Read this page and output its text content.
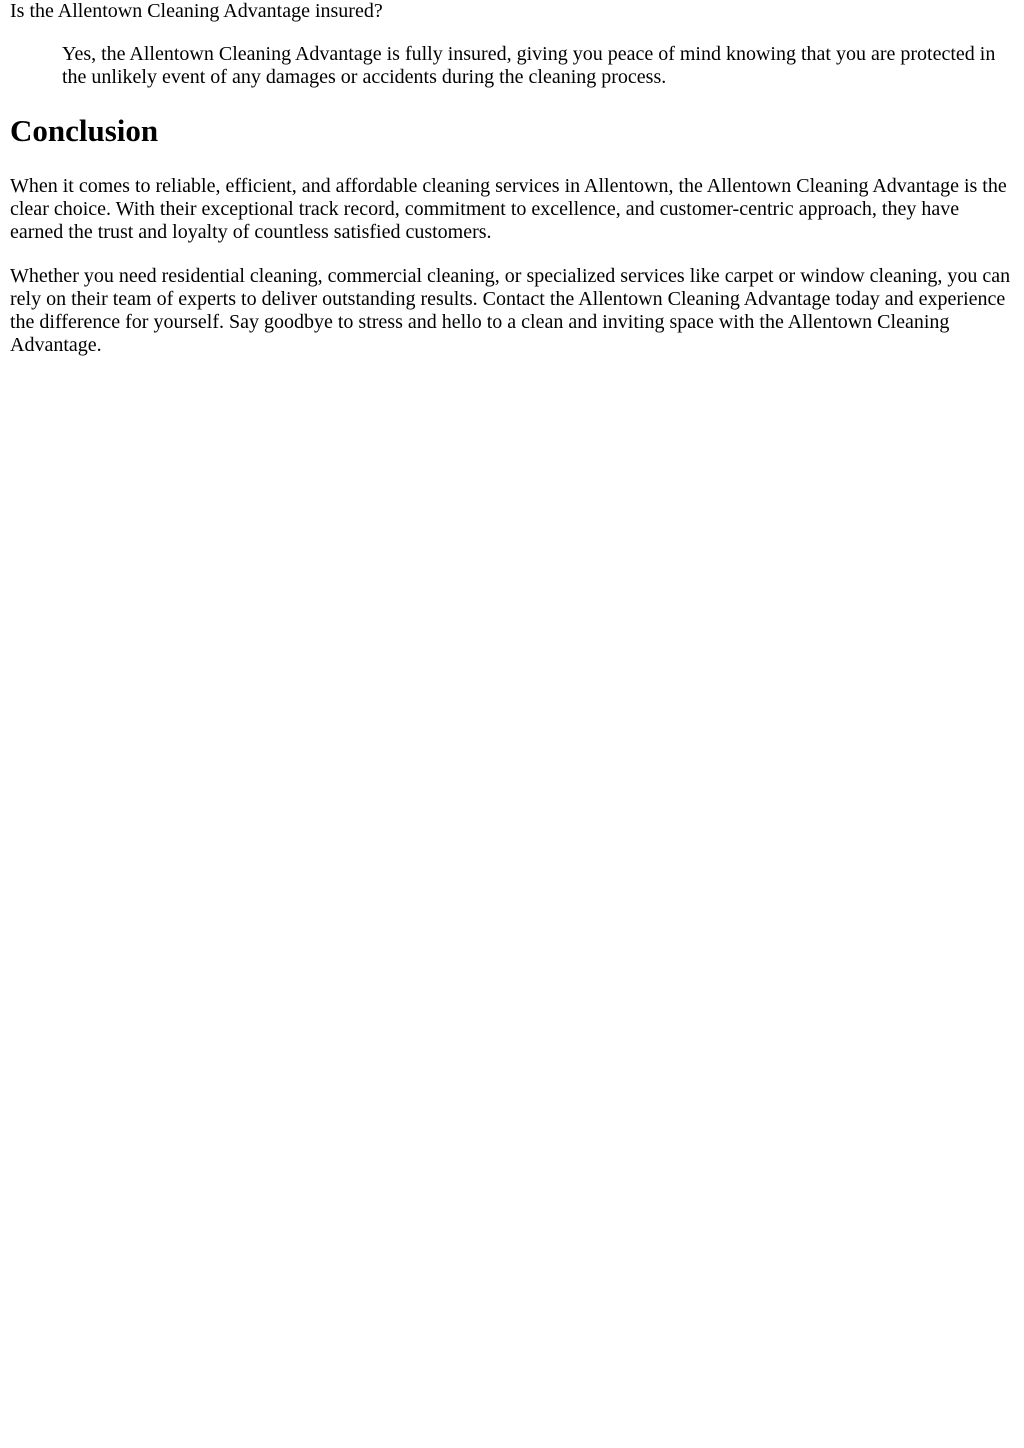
Is the Allentown Cleaning Advantage insured?
Yes, the Allentown Cleaning Advantage is fully insured, giving you peace of mind knowing that you are protected in the unlikely event of any damages or accidents during the cleaning process.
Conclusion

When it comes to reliable, efficient, and affordable cleaning services in Allentown, the Allentown Cleaning Advantage is the clear choice. With their exceptional track record, commitment to excellence, and customer-centric approach, they have earned the trust and loyalty of countless satisfied customers.

Whether you need residential cleaning, commercial cleaning, or specialized services like carpet or window cleaning, you can rely on their team of experts to deliver outstanding results. Contact the Allentown Cleaning Advantage today and experience the difference for yourself. Say goodbye to stress and hello to a clean and inviting space with the Allentown Cleaning Advantage.
